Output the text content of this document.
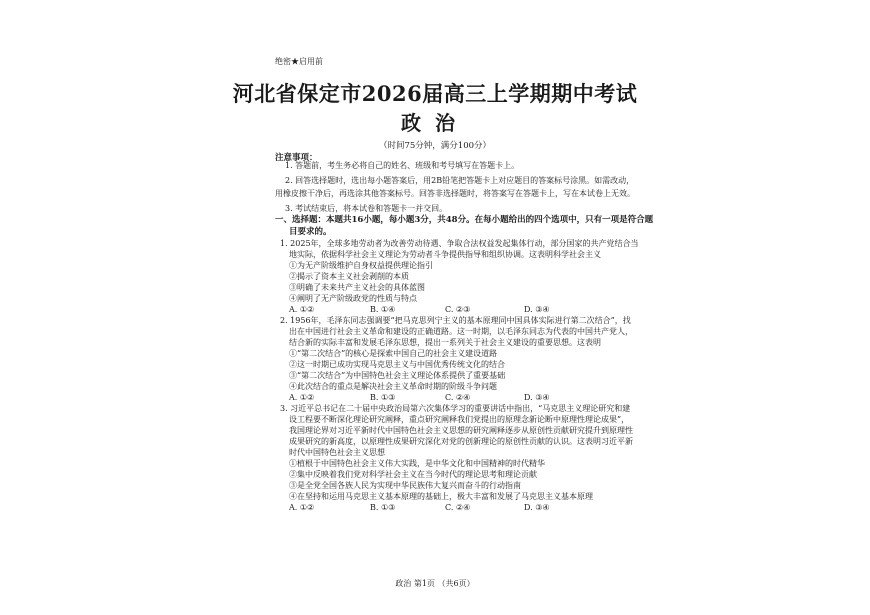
绝密★启用前
河北省保定市2026届高三上学期期中考试
政治
（时间75分钟，满分100分）
注意事项：
1. 答题前，考生务必将自己的姓名、班级和考号填写在答题卡上。
2. 回答选择题时，选出每小题答案后，用2B铅笔把答题卡上对应题目的答案标号涂黑。如需改动，
用橡皮擦干净后，再选涂其他答案标号。回答非选择题时，将答案写在答题卡上，写在本试卷上无效。
3. 考试结束后，将本试卷和答题卡一并交回。
一、选择题：本题共16小题，每小题3分，共48分。在每小题给出的四个选项中，只有一项是符合题
目要求的。
1. 2025年，全球多地劳动者为改善劳动待遇、争取合法权益发起集体行动，部分国家的共产党结合当
地实际，依据科学社会主义理论为劳动者斗争提供指导和组织协调。这表明科学社会主义
①为无产阶级维护自身权益提供理论指引
②揭示了资本主义社会剥削的本质
③明确了未来共产主义社会的具体蓝图
④阐明了无产阶级政党的性质与特点
A. ①②	B. ①④	C. ②③	D. ③④
2. 1956年，毛泽东同志强调要“把马克思列宁主义的基本原理同中国具体实际进行第二次结合”，找
出在中国进行社会主义革命和建设的正确道路。这一时期，以毛泽东同志为代表的中国共产党人，
结合新的实际丰富和发展毛泽东思想，提出一系列关于社会主义建设的重要思想。这表明
①“第二次结合”的核心是探索中国自己的社会主义建设道路
②这一时期已成功实现马克思主义与中国优秀传统文化的结合
③“第二次结合”为中国特色社会主义理论体系提供了重要基础
④此次结合的重点是解决社会主义革命时期的阶级斗争问题
A. ①②	B. ①③	C. ②④	D. ③④
3. 习近平总书记在二十届中央政治局第六次集体学习的重要讲话中指出，“马克思主义理论研究和建
设工程要不断深化理论研究阐释，重点研究阐释我们党提出的原理念新论断中原理性理论成果”，
我国理论界对习近平新时代中国特色社会主义思想的研究阐释逐步从原创性贡献研究提升到原理性
成果研究的新高度，以原理性成果研究深化对党的创新理论的原创性贡献的认识。这表明习近平新
时代中国特色社会主义思想
①植根于中国特色社会主义伟大实践，是中华文化和中国精神的时代精华
②集中反映着我们党对科学社会主义在当今时代的理论思考和理论贡献
③是全党全国各族人民为实现中华民族伟大复兴而奋斗的行动指南
④在坚持和运用马克思主义基本原理的基础上，极大丰富和发展了马克思主义基本原理
A. ①②	B. ①③	C. ②④	D. ③④
政治 第1页 （共6页）
